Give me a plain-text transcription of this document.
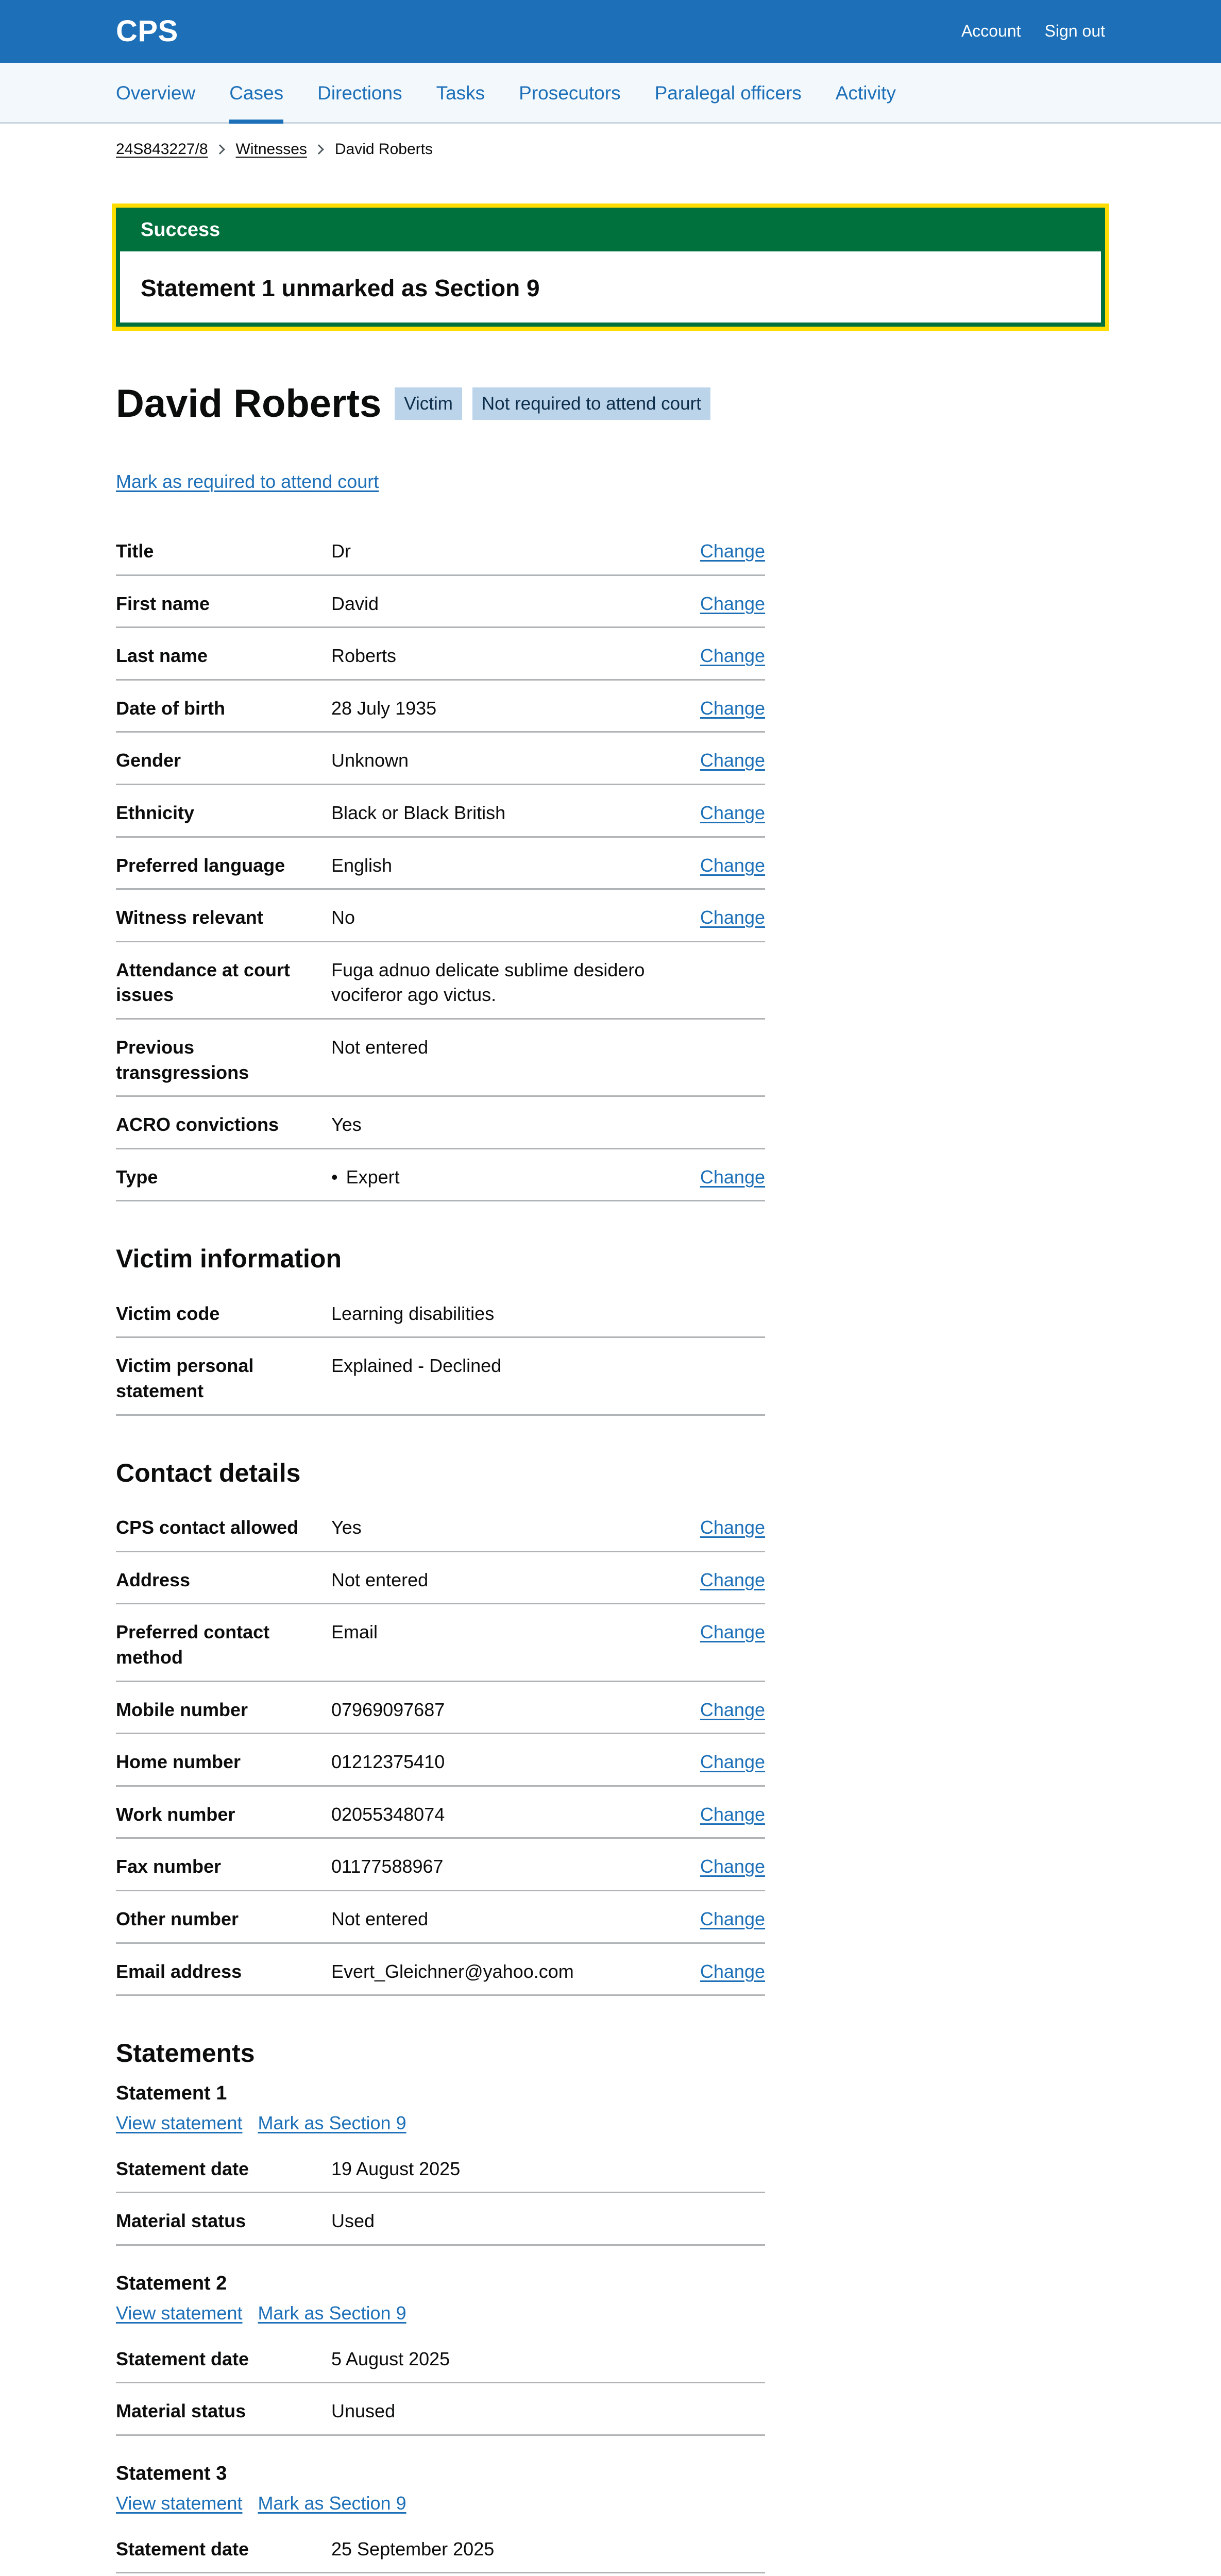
CPS	Account Sign out
Overview Cases Directions Tasks Prosecutors Paralegal officers Activity
24S843227/8 Witnesses David Roberts
Success
Statement 1 unmarked as Section 9
David Roberts	Victim	Not required to attend court
Mark as required to attend court
Title	Dr	Change
First name	David	Change
Last name	Roberts	Change
Date of birth	28 July 1935	Change
Gender	Unknown	Change
Ethnicity	Black or Black British	Change
Preferred language	English	Change
Witness relevant	No	Change
Attendance at court issues
Fuga adnuo delicate sublime desidero vociferor ago victus.
Previous transgressions
Not entered
ACRO convictions	Yes
Type
•	Expert	Change
Victim information
Victim code	Learning disabilities
Victim personal statement
Explained - Declined
Contact details
CPS contact allowed	Yes	Change
Address	Not entered	Change
Preferred contact method
Email	Change
Mobile number	07969097687	Change
Home number	01212375410	Change
Work number	02055348074	Change
Fax number	01177588967	Change
Other number	Not entered	Change
Email address	Evert_Gleichner@yahoo.com	Change
Statements
Statement 1
View statement Mark as Section 9
Statement date	19 August 2025
Material status	Used
Statement 2
View statement Mark as Section 9
Statement date	5 August 2025
Material status	Unused
Statement 3
View statement Mark as Section 9
Statement date	25 September 2025
